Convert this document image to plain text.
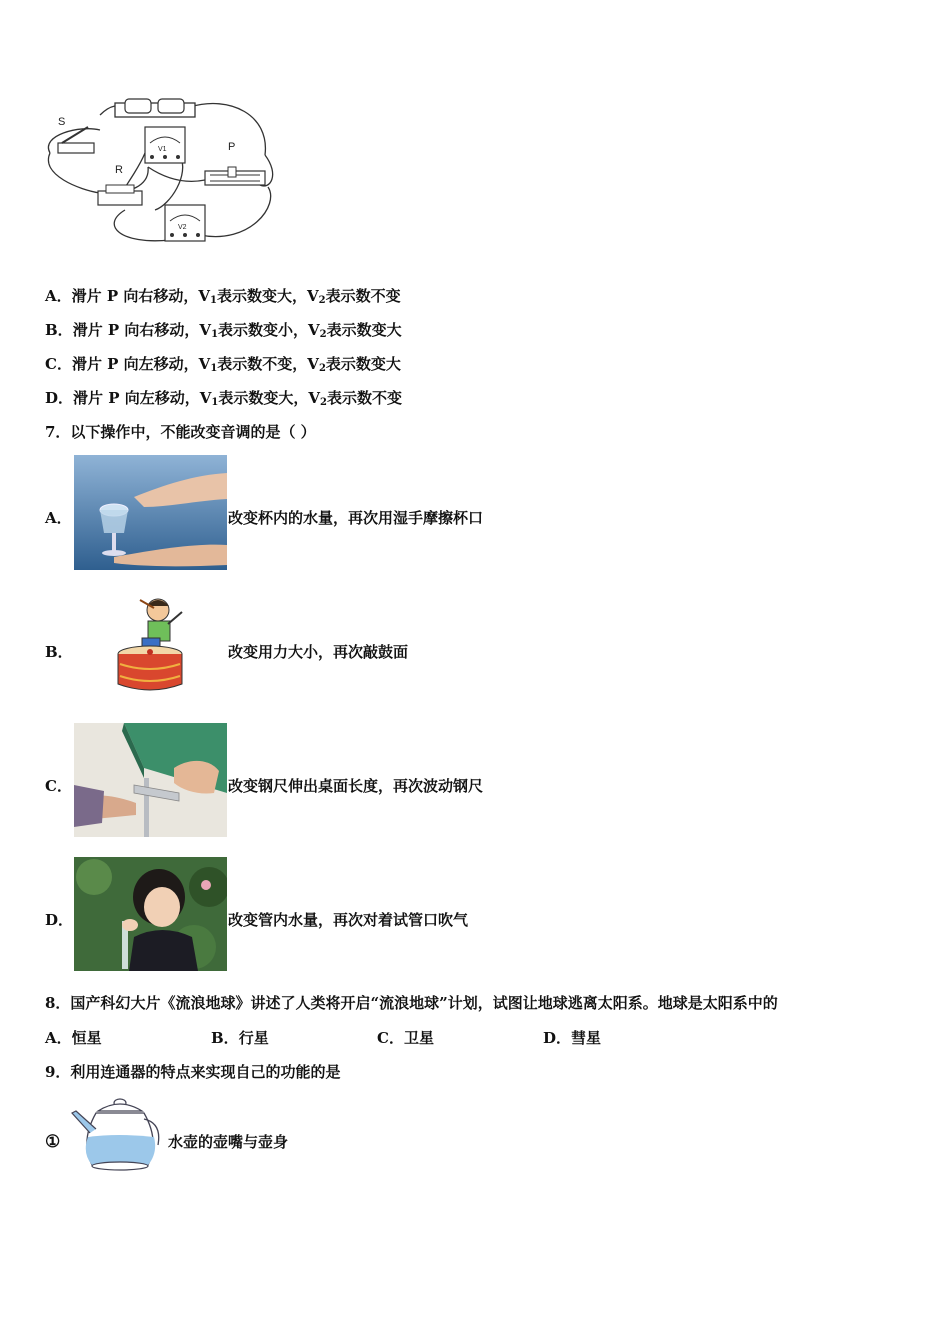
S
V1
R
P
V2
A．滑片 P 向右移动，$V_1$表示数变大，$V_2$表示数不变
B．滑片 P 向右移动，$V_1$表示数变小，$V_2$表示数变大
C．滑片 P 向左移动，$V_1$表示数不变，$V_2$表示数变大
D．滑片 P 向左移动，$V_1$表示数变大，$V_2$表示数不变
7．以下操作中，不能改变音调的是（ ）
A．	改变杯内的水量，再次用湿手摩擦杯口
B．	改变用力大小，再次敲鼓面
C．	改变钢尺伸出桌面长度，再次波动钢尺
D．	改变管内水量，再次对着试管口吹气
8．国产科幻大片《流浪地球》讲述了人类将开启“流浪地球”计划，试图让地球逃离太阳系。地球是太阳系中的
A．恒星	B．行星	C．卫星	D．彗星
9．利用连通器的特点来实现自己的功能的是
①	水壶的壶嘴与壶身
